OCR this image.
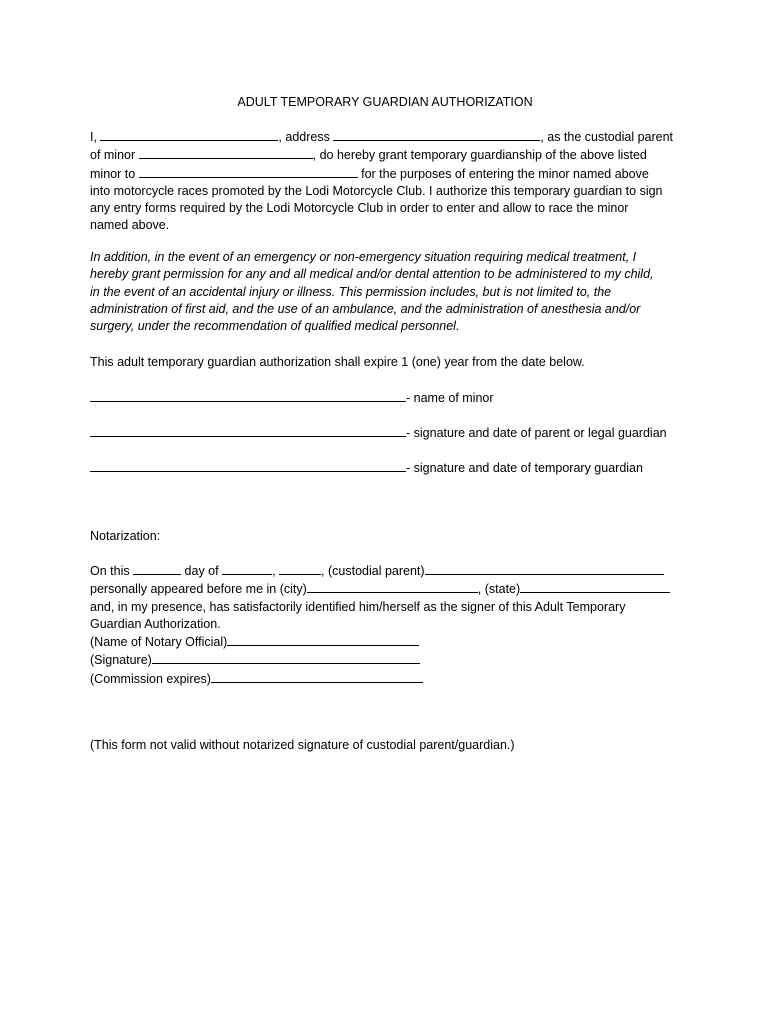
ADULT TEMPORARY GUARDIAN AUTHORIZATION
I,	, address	, as the custodial parent
of minor	, do hereby grant temporary guardianship of the above listed
minor to	for the purposes of entering the minor named above
into motorcycle races promoted by the Lodi Motorcycle Club. I authorize this temporary guardian to sign
any entry forms required by the Lodi Motorcycle Club in order to enter and allow to race the minor
named above.
In addition, in the event of an emergency or non-emergency situation requiring medical treatment, I
hereby grant permission for any and all medical and/or dental attention to be administered to my child,
in the event of an accidental injury or illness. This permission includes, but is not limited to, the
administration of first aid, and the use of an ambulance, and the administration of anesthesia and/or
surgery, under the recommendation of qualified medical personnel.
This adult temporary guardian authorization shall expire 1 (one) year from the date below.
- name of minor
- signature and date of parent or legal guardian
- signature and date of temporary guardian
Notarization:
On this	day of	,	, (custodial parent)
personally appeared before me in (city)	, (state)
and, in my presence, has satisfactorily identified him/herself as the signer of this Adult Temporary
Guardian Authorization.
(Name of Notary Official)
(Signature)
(Commission expires)
(This form not valid without notarized signature of custodial parent/guardian.)
